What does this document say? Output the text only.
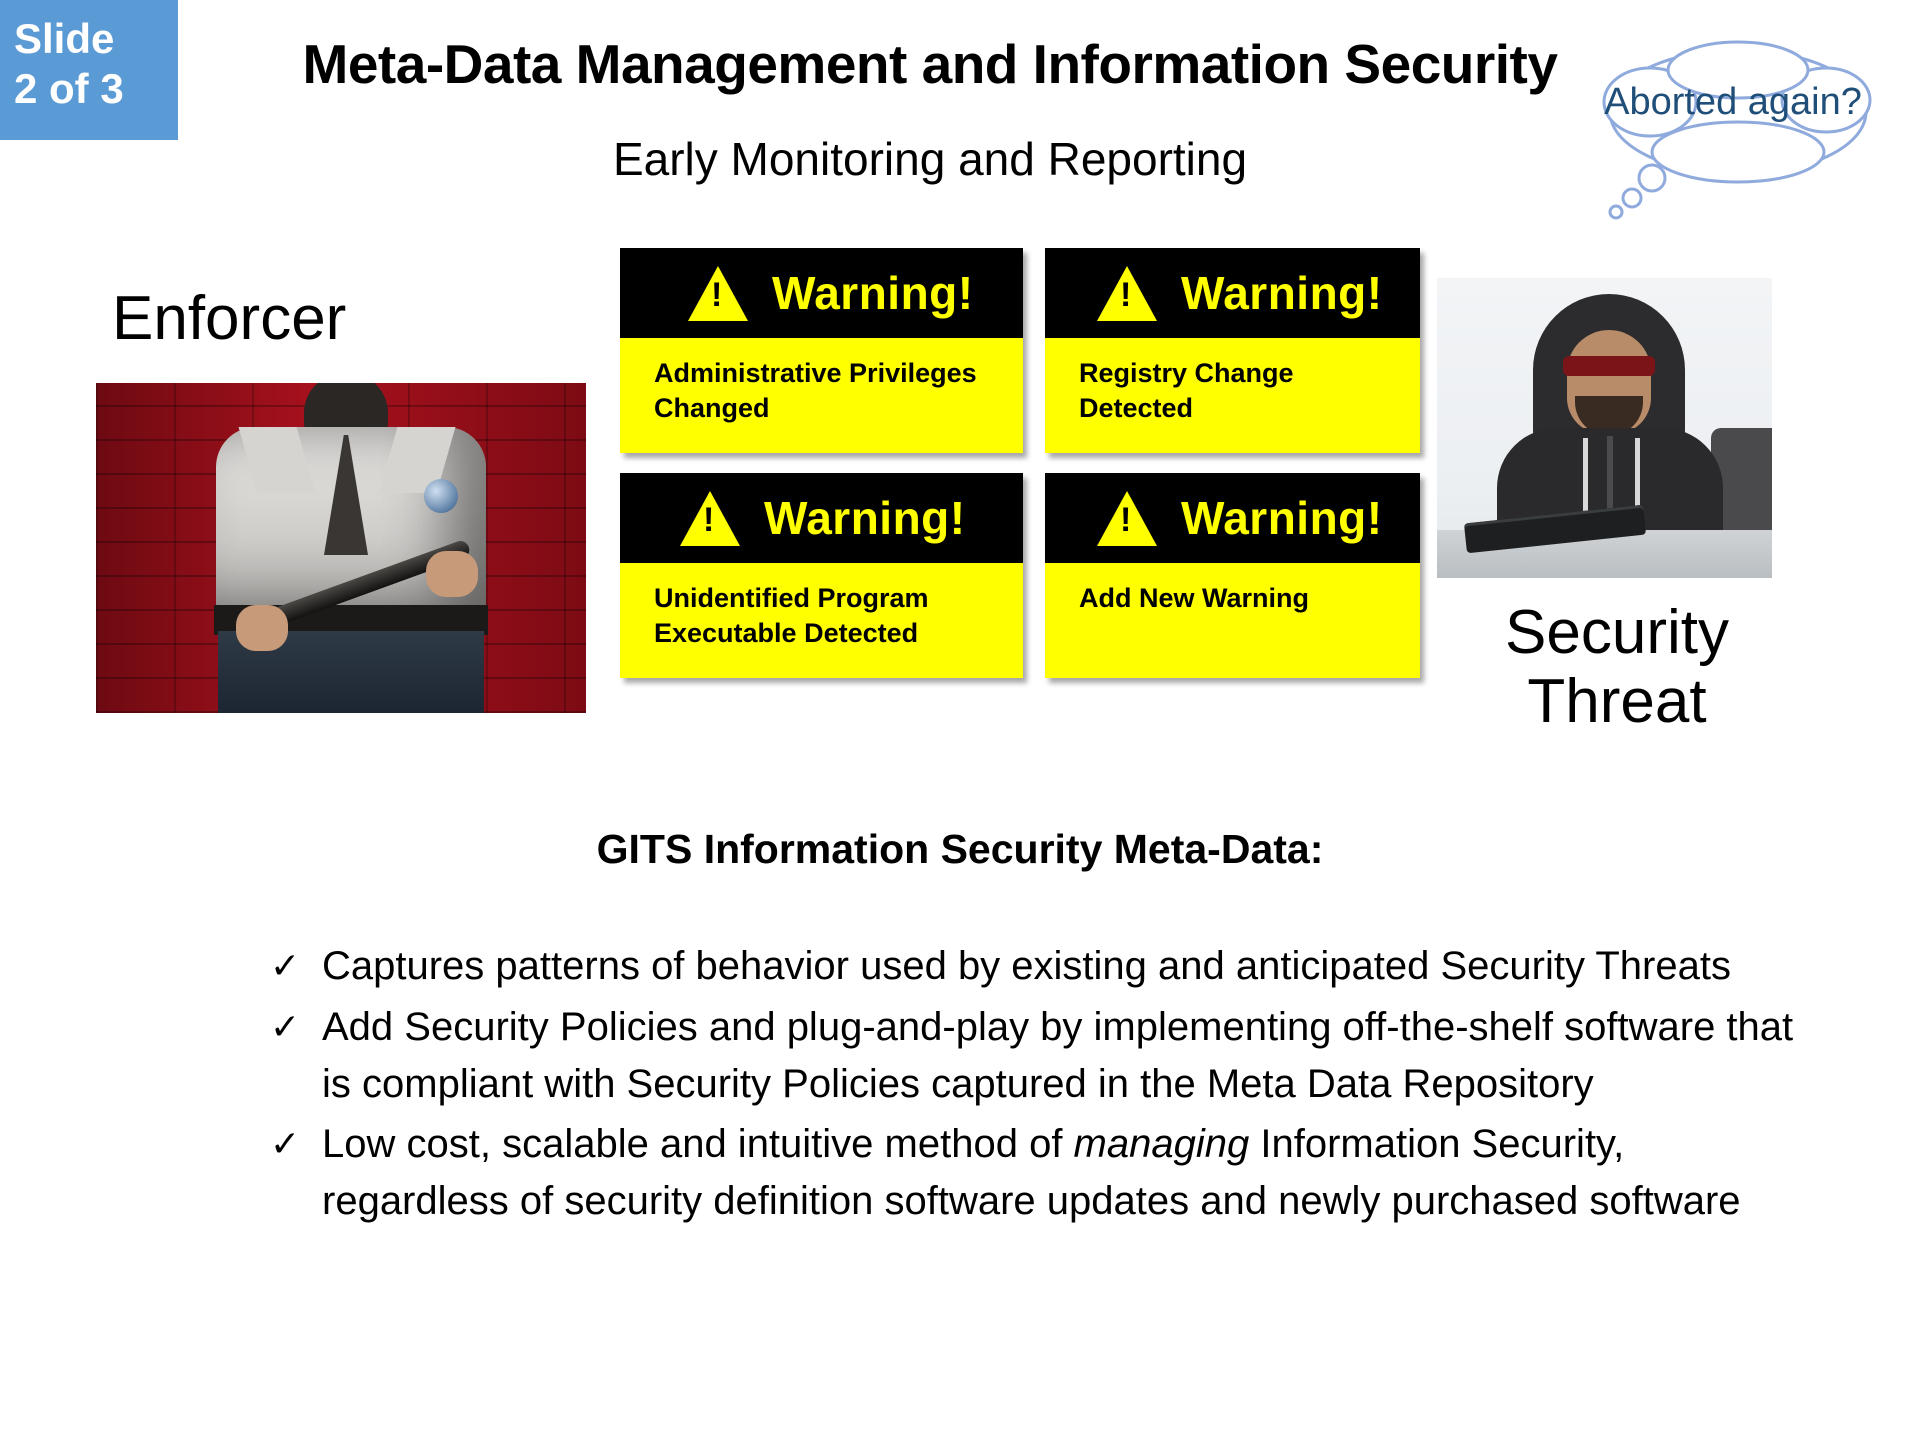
Slide
2 of 3	Meta-Data Management and Information Security
Early Monitoring and Reporting
Aborted again?
Enforcer !	Warning!
Administrative Privileges Changed
!
Warning!
Registry Change Detected
!
Warning!
Unidentified Program Executable Detected
!
Warning!
Add New Warning	Security Threat
GITS Information Security Meta-Data:
✓ Captures patterns of behavior used by existing and anticipated Security Threats
✓ Add Security Policies and plug-and-play by implementing off-the-shelf software that is compliant with Security Policies captured in the Meta Data Repository
✓ Low cost, scalable and intuitive method of managing Information Security, regardless of security definition software updates and newly purchased software
